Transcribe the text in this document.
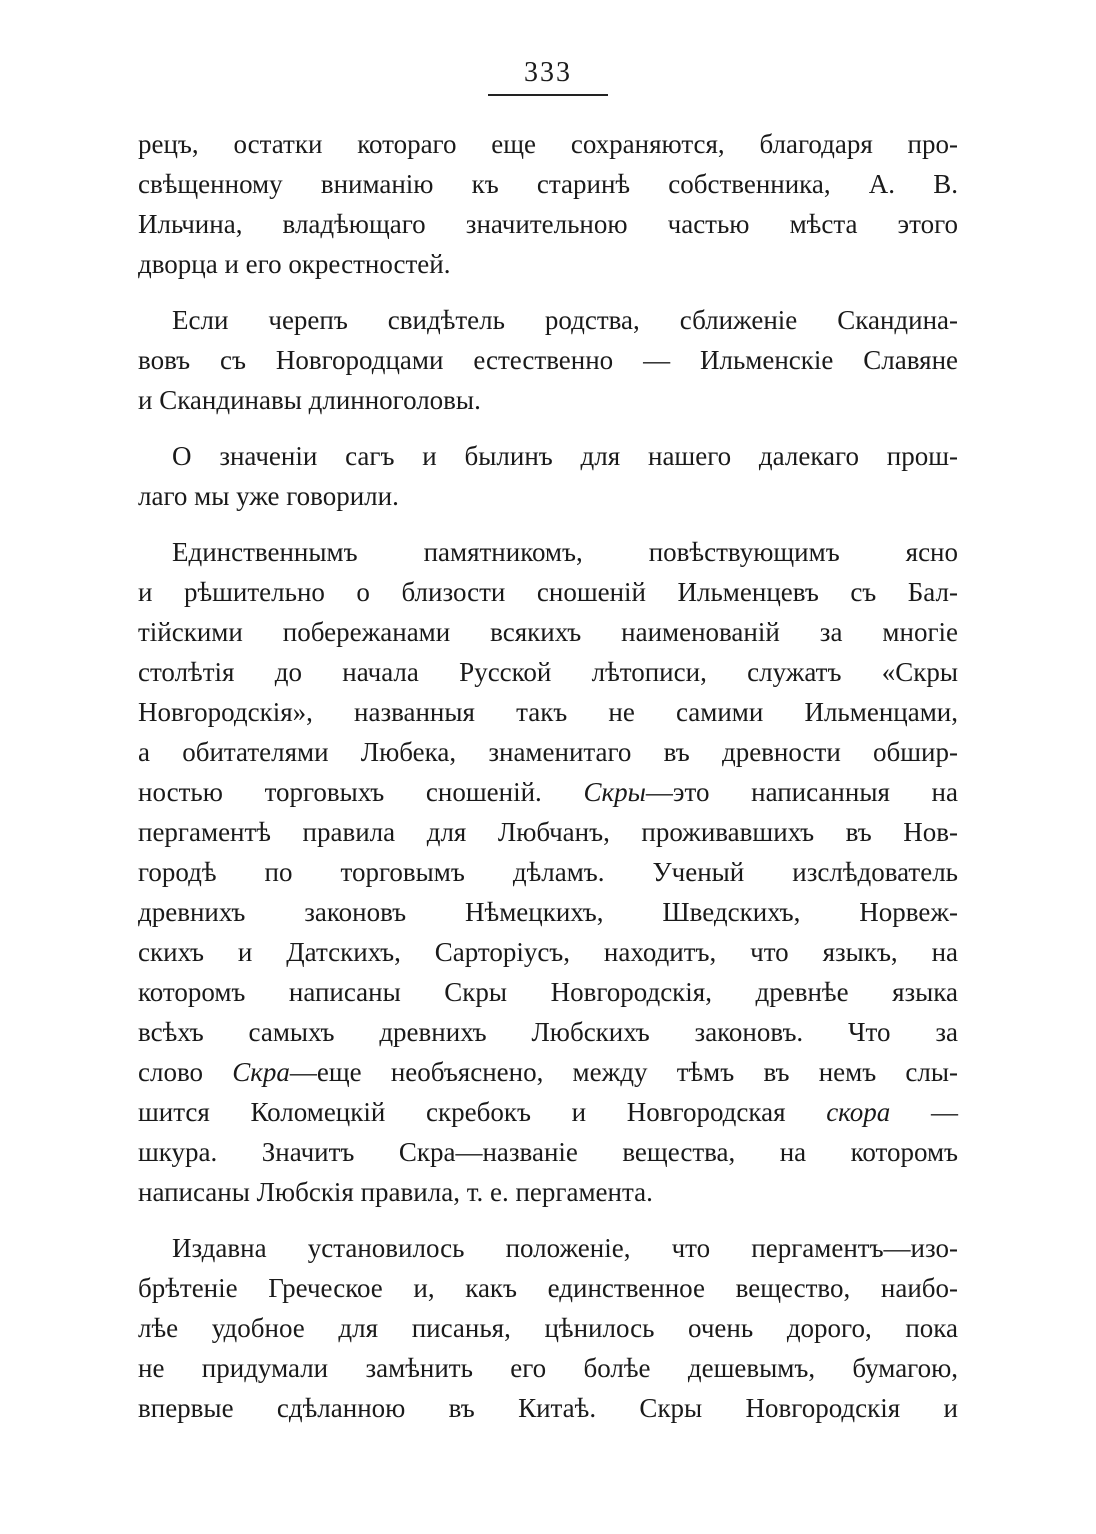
333

рецъ, остатки котораго еще сохраняются, благодаря про-
свѣщенному вниманію къ старинѣ собственника, А. В.
Ильчина, владѣющаго значительною частью мѣста этого
дворца и его окрестностей.

Если черепъ свидѣтель родства, сближеніе Скандина-
вовъ съ Новгородцами естественно — Ильменскіе Славяне
и Скандинавы длинноголовы.

О значеніи сагъ и былинъ для нашего далекаго прош-
лаго мы уже говорили.

Единственнымъ памятникомъ, повѣствующимъ ясно
и рѣшительно о близости сношеній Ильменцевъ съ Бал-
тійскими побережанами всякихъ наименованій за многіе
столѣтія до начала Русской лѣтописи, служатъ «Скры
Новгородскія», названныя такъ не самими Ильменцами,
а обитателями Любека, знаменитаго въ древности обшир-
ностью торговыхъ сношеній. Скры—это написанныя на
пергаментѣ правила для Любчанъ, проживавшихъ въ Нов-
городѣ по торговымъ дѣламъ. Ученый изслѣдователь
древнихъ законовъ Нѣмецкихъ, Шведскихъ, Норвеж-
скихъ и Датскихъ, Сарторіусъ, находитъ, что языкъ, на
которомъ написаны Скры Новгородскія, древнѣе языка
всѣхъ самыхъ древнихъ Любскихъ законовъ. Что за
слово Скра—еще необъяснено, между тѣмъ въ немъ слы-
шится Коломецкій скребокъ и Новгородская скора —
шкура. Значитъ Скра—названіе вещества, на которомъ
написаны Любскія правила, т. е. пергамента.

Издавна установилось положеніе, что пергаментъ—изо-
брѣтеніе Греческое и, какъ единственное вещество, наибо-
лѣе удобное для писанья, цѣнилось очень дорого, пока
не придумали замѣнить его болѣе дешевымъ, бумагою,
впервые сдѣланною въ Китаѣ. Скры Новгородскія и
